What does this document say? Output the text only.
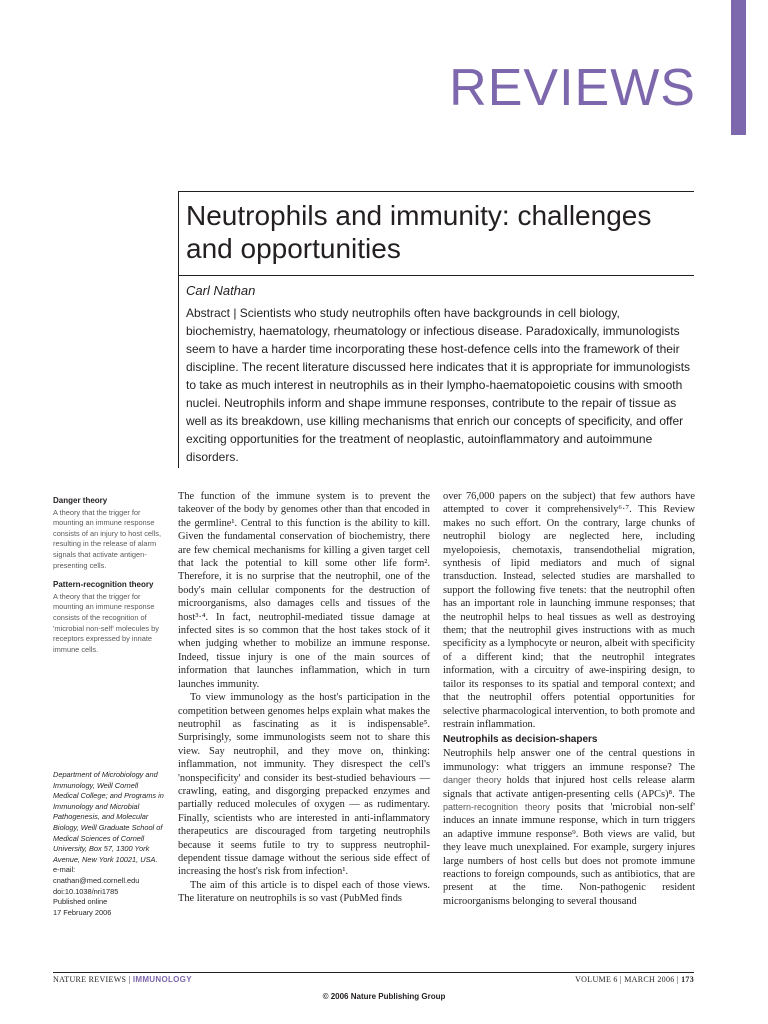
REVIEWS
Neutrophils and immunity: challenges and opportunities
Carl Nathan

Abstract | Scientists who study neutrophils often have backgrounds in cell biology, biochemistry, haematology, rheumatology or infectious disease. Paradoxically, immunologists seem to have a harder time incorporating these host-defence cells into the framework of their discipline. The recent literature discussed here indicates that it is appropriate for immunologists to take as much interest in neutrophils as in their lympho-haematopoietic cousins with smooth nuclei. Neutrophils inform and shape immune responses, contribute to the repair of tissue as well as its breakdown, use killing mechanisms that enrich our concepts of specificity, and offer exciting opportunities for the treatment of neoplastic, autoinflammatory and autoimmune disorders.

Danger theory
A theory that the trigger for mounting an immune response consists of an injury to host cells, resulting in the release of alarm signals that activate antigen-presenting cells.
Pattern-recognition theory
A theory that the trigger for mounting an immune response consists of the recognition of 'microbial non-self' molecules by receptors expressed by innate immune cells.
Department of Microbiology and Immunology, Weill Cornell Medical College; and Programs in Immunology and Microbial Pathogenesis, and Molecular Biology, Weill Graduate School of Medical Sciences of Cornell University, Box 57, 1300 York Avenue, New York 10021, USA.
e-mail:
cnathan@med.cornell.edu
doi:10.1038/nri1785
Published online
17 February 2006

The function of the immune system is to prevent the takeover of the body by genomes other than that encoded in the germline¹. Central to this function is the ability to kill. Given the fundamental conservation of biochemistry, there are few chemical mechanisms for killing a given target cell that lack the potential to kill some other life form². Therefore, it is no surprise that the neutrophil, one of the body's main cellular components for the destruction of microorganisms, also damages cells and tissues of the host³·⁴. In fact, neutrophil-mediated tissue damage at infected sites is so common that the host takes stock of it when judging whether to mobilize an immune response. Indeed, tissue injury is one of the main sources of information that launches inflammation, which in turn launches immunity.

To view immunology as the host's participation in the competition between genomes helps explain what makes the neutrophil as fascinating as it is indispensable⁵. Surprisingly, some immunologists seem not to share this view. Say neutrophil, and they move on, thinking: inflammation, not immunity. They disrespect the cell's 'nonspecificity' and consider its best-studied behaviours — crawling, eating, and disgorging prepacked enzymes and partially reduced molecules of oxygen — as rudimentary. Finally, scientists who are interested in anti-inflammatory therapeutics are discouraged from targeting neutrophils because it seems futile to try to suppress neutrophil-dependent tissue damage without the serious side effect of increasing the host's risk from infection¹.

The aim of this article is to dispel each of those views. The literature on neutrophils is so vast (PubMed finds

over 76,000 papers on the subject) that few authors have attempted to cover it comprehensively⁶·⁷. This Review makes no such effort. On the contrary, large chunks of neutrophil biology are neglected here, including myelopoiesis, chemotaxis, transendothelial migration, synthesis of lipid mediators and much of signal transduction. Instead, selected studies are marshalled to support the following five tenets: that the neutrophil often has an important role in launching immune responses; that the neutrophil helps to heal tissues as well as destroying them; that the neutrophil gives instructions with as much specificity as a lymphocyte or neuron, albeit with specificity of a different kind; that the neutrophil integrates information, with a circuitry of awe-inspiring design, to tailor its responses to its spatial and temporal context; and that the neutrophil offers potential opportunities for selective pharmacological intervention, to both promote and restrain inflammation.

Neutrophils as decision-shapers

Neutrophils help answer one of the central questions in immunology: what triggers an immune response? The danger theory holds that injured host cells release alarm signals that activate antigen-presenting cells (APCs)⁸. The pattern-recognition theory posits that 'microbial non-self' induces an innate immune response, which in turn triggers an adaptive immune response⁹. Both views are valid, but they leave much unexplained. For example, surgery injures large numbers of host cells but does not promote immune reactions to foreign compounds, such as antibiotics, that are present at the time. Non-pathogenic resident microorganisms belonging to several thousand

NATURE REVIEWS | IMMUNOLOGY	VOLUME 6 | MARCH 2006 | 173
© 2006 Nature Publishing Group
